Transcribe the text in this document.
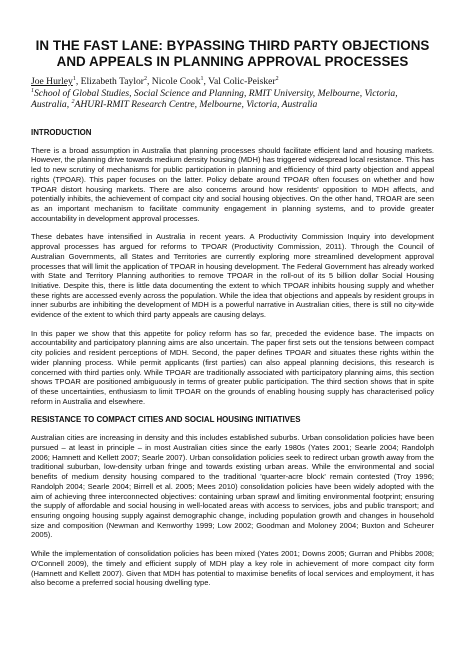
IN THE FAST LANE: BYPASSING THIRD PARTY OBJECTIONS
AND APPEALS IN PLANNING APPROVAL PROCESSES
Joe Hurley$^1$, Elizabeth Taylor$^2$, Nicole Cook$^1$, Val Colic-Peisker$^2$
$^1$School of Global Studies, Social Science and Planning, RMIT University, Melbourne, Victoria,
Australia, $^2$AHURI-RMIT Research Centre, Melbourne, Victoria, Australia
INTRODUCTION
There is a broad assumption in Australia that planning processes should facilitate efficient land and housing markets. However, the planning drive towards medium density housing (MDH) has triggered widespread local resistance. This has led to new scrutiny of mechanisms for public participation in planning and efficiency of third party objection and appeal rights (TPOAR). This paper focuses on the latter. Policy debate around TPOAR often focuses on whether and how TPOAR distort housing markets. There are also concerns around how residents' opposition to MDH affects, and potentially inhibits, the achievement of compact city and social housing objectives. On the other hand, TROAR are seen as an important mechanism to facilitate community engagement in planning systems, and to provide greater accountability in development approval processes.
These debates have intensified in Australia in recent years. A Productivity Commission Inquiry into development approval processes has argued for reforms to TPOAR (Productivity Commission, 2011). Through the Council of Australian Governments, all States and Territories are currently exploring more streamlined development approval processes that will limit the application of TPOAR in housing development. The Federal Government has already worked with State and Territory Planning authorities to remove TPOAR in the roll-out of its 5 billion dollar Social Housing Initiative. Despite this, there is little data documenting the extent to which TPOAR inhibits housing supply and whether these rights are accessed evenly across the population. While the idea that objections and appeals by resident groups in inner suburbs are inhibiting the development of MDH is a powerful narrative in Australian cities, there is still no city-wide evidence of the extent to which third party appeals are causing delays.
In this paper we show that this appetite for policy reform has so far, preceded the evidence base. The impacts on accountability and participatory planning aims are also uncertain. The paper first sets out the tensions between compact city policies and resident perceptions of MDH. Second, the paper defines TPOAR and situates these rights within the wider planning process. While permit applicants (first parties) can also appeal planning decisions, this research is concerned with third parties only. While TPOAR are traditionally associated with participatory planning aims, this section shows TPOAR are positioned ambiguously in terms of greater public participation. The third section shows that in spite of these uncertainties, enthusiasm to limit TPOAR on the grounds of enabling housing supply has characterised policy reform in Australia and elsewhere.
RESISTANCE TO COMPACT CITIES AND SOCIAL HOUSING INITIATIVES
Australian cities are increasing in density and this includes established suburbs. Urban consolidation policies have been pursued – at least in principle – in most Australian cities since the early 1980s (Yates 2001; Searle 2004; Randolph 2006; Hamnett and Kellett 2007; Searle 2007). Urban consolidation policies seek to redirect urban growth away from the traditional suburban, low-density urban fringe and towards existing urban areas. While the environmental and social benefits of medium density housing compared to the traditional 'quarter-acre block' remain contested (Troy 1996; Randolph 2004; Searle 2004; Birrell et al. 2005; Mees 2010) consolidation policies have been widely adopted with the aim of achieving three interconnected objectives: containing urban sprawl and limiting environmental footprint; ensuring the supply of affordable and social housing in well-located areas with access to services, jobs and public transport; and ensuring ongoing housing supply against demographic change, including population growth and changes in household size and composition (Newman and Kenworthy 1999; Low 2002; Goodman and Moloney 2004; Buxton and Scheurer 2005).
While the implementation of consolidation policies has been mixed (Yates 2001; Downs 2005; Gurran and Phibbs 2008; O'Connell 2009), the timely and efficient supply of MDH play a key role in achievement of more compact city form (Hamnett and Kellett 2007). Given that MDH has potential to maximise benefits of local services and employment, it has also become a preferred social housing dwelling type.
